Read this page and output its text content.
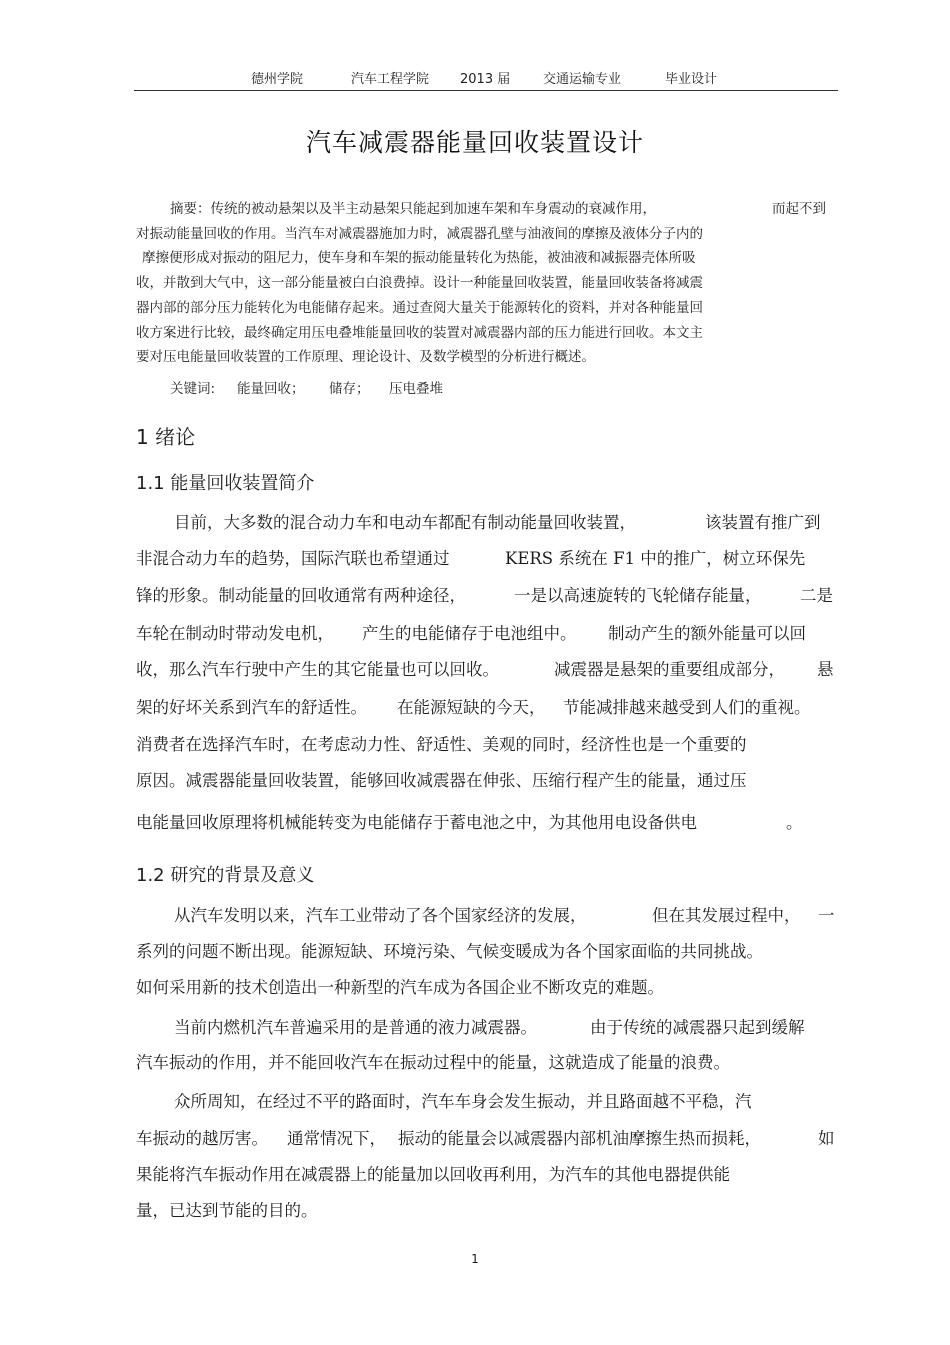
德州学院	汽车工程学院 2013 届	交通运输专业	毕业设计
汽车减震器能量回收装置设计
摘要：传统的被动悬架以及半主动悬架只能起到加速车架和车身震动的衰减作用，	而起不到
对振动能量回收的作用。当汽车对减震器施加力时，减震器孔壁与油液间的摩擦及液体分子内的
摩擦便形成对振动的阻尼力，使车身和车架的振动能量转化为热能，被油液和减振器壳体所吸
收，并散到大气中，这一部分能量被白白浪费掉。设计一种能量回收装置，能量回收装备将减震
器内部的部分压力能转化为电能储存起来。通过查阅大量关于能源转化的资料，并对各种能量回
收方案进行比较，最终确定用压电叠堆能量回收的装置对减震器内部的压力能进行回收。本文主
要对压电能量回收装置的工作原理、理论设计、及数学模型的分析进行概述。
关键词: 能量回收； 储存； 压电叠堆
1 绪论
1.1 能量回收装置简介
目前，大多数的混合动力车和电动车都配有制动能量回收装置，	该装置有推广到
非混合动力车的趋势，国际汽联也希望通过	KERS 系统在 F1 中的推广，树立环保先
锋的形象。制动能量的回收通常有两种途径，	一是以高速旋转的飞轮储存能量， 二是
车轮在制动时带动发电机， 产生的电能储存于电池组中。 制动产生的额外能量可以回
收，那么汽车行驶中产生的其它能量也可以回收。	减震器是悬架的重要组成部分， 悬
架的好坏关系到汽车的舒适性。 在能源短缺的今天， 节能减排越来越受到人们的重视。
消费者在选择汽车时，在考虑动力性、舒适性、美观的同时，经济性也是一个重要的
原因。减震器能量回收装置，能够回收减震器在伸张、压缩行程产生的能量，通过压
电能量回收原理将机械能转变为电能储存于蓄电池之中，为其他用电设备供电	。
1.2 研究的背景及意义
从汽车发明以来，汽车工业带动了各个国家经济的发展，	但在其发展过程中， 一
系列的问题不断出现。能源短缺、环境污染、气候变暖成为各个国家面临的共同挑战。
如何采用新的技术创造出一种新型的汽车成为各国企业不断攻克的难题。
当前内燃机汽车普遍采用的是普通的液力减震器。	由于传统的减震器只起到缓解
汽车振动的作用，并不能回收汽车在振动过程中的能量，这就造成了能量的浪费。
众所周知，在经过不平的路面时，汽车车身会发生振动，并且路面越不平稳，汽
车振动的越厉害。 通常情况下， 振动的能量会以减震器内部机油摩擦生热而损耗，	如
果能将汽车振动作用在减震器上的能量加以回收再利用，为汽车的其他电器提供能
量，已达到节能的目的。
1
